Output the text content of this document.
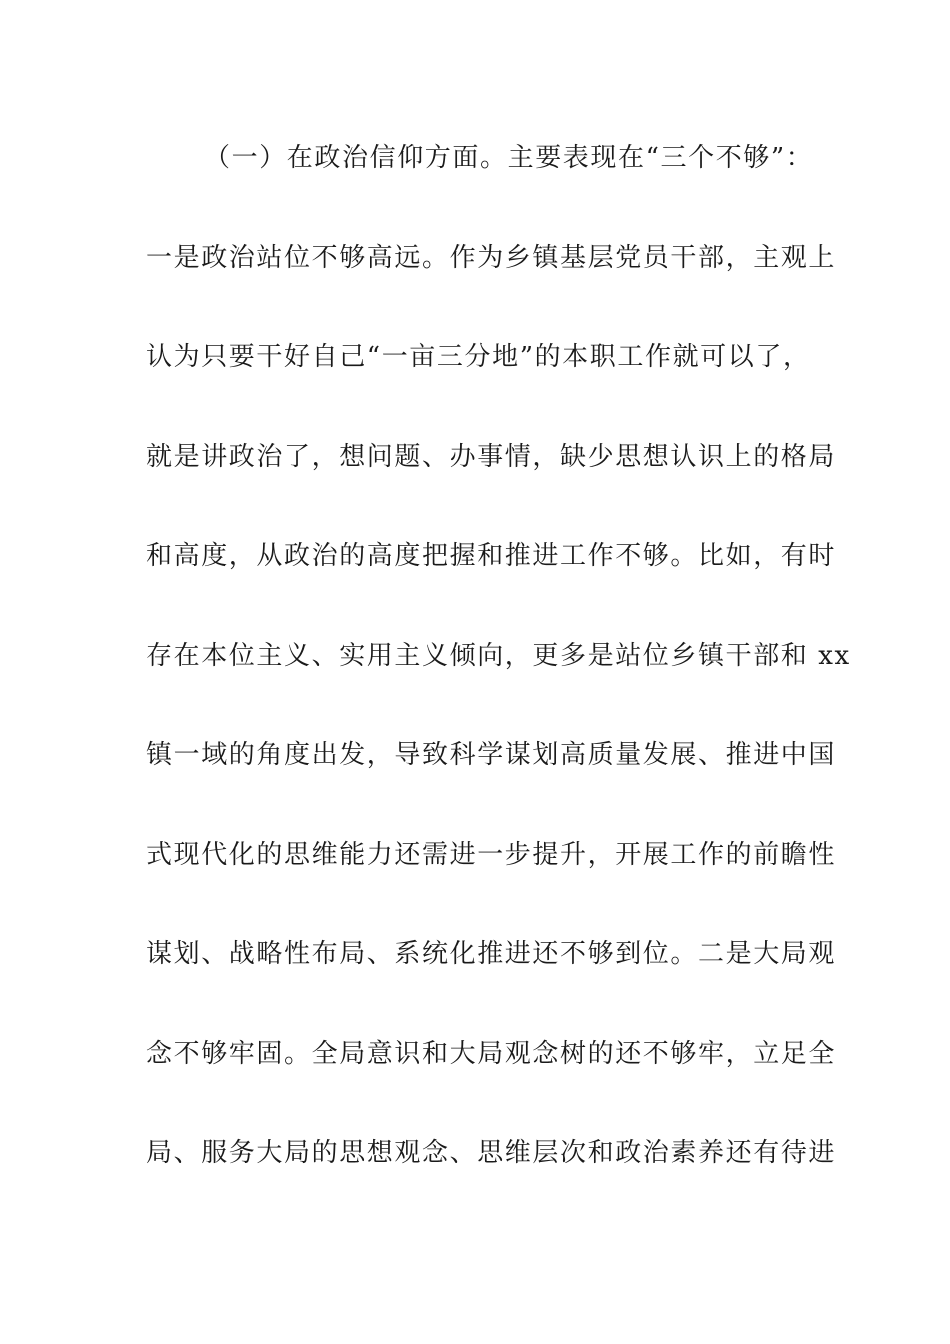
（一）在政治信仰方面。主要表现在“三个不够”：
一是政治站位不够高远。作为乡镇基层党员干部，主观上
认为只要干好自己“一亩三分地”的本职工作就可以了，
就是讲政治了，想问题、办事情，缺少思想认识上的格局
和高度，从政治的高度把握和推进工作不够。比如，有时
存在本位主义、实用主义倾向，更多是站位乡镇干部和 xx
镇一域的角度出发，导致科学谋划高质量发展、推进中国
式现代化的思维能力还需进一步提升，开展工作的前瞻性
谋划、战略性布局、系统化推进还不够到位。二是大局观
念不够牢固。全局意识和大局观念树的还不够牢，立足全
局、服务大局的思想观念、思维层次和政治素养还有待进
